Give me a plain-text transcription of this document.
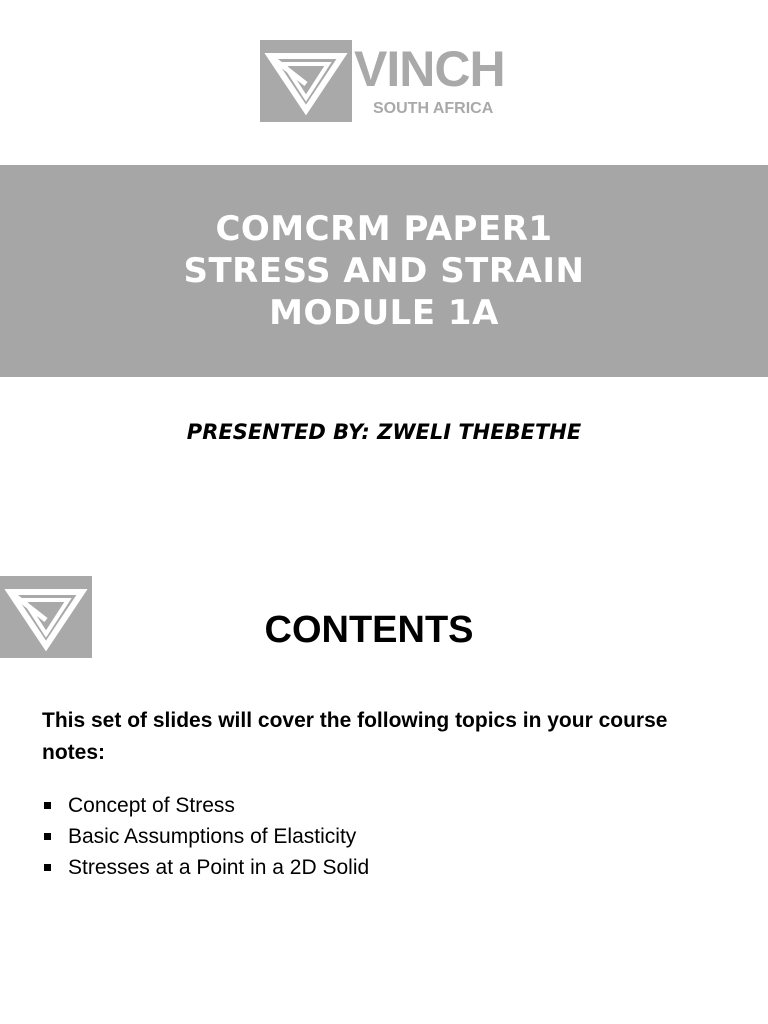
VINCH
SOUTH AFRICA
COMCRM PAPER1
STRESS AND STRAIN
MODULE 1A
PRESENTED BY: ZWELI THEBETHE
CONTENTS
This set of slides will cover the following topics in your course notes:
Concept of Stress
Basic Assumptions of Elasticity
Stresses at a Point in a 2D Solid
